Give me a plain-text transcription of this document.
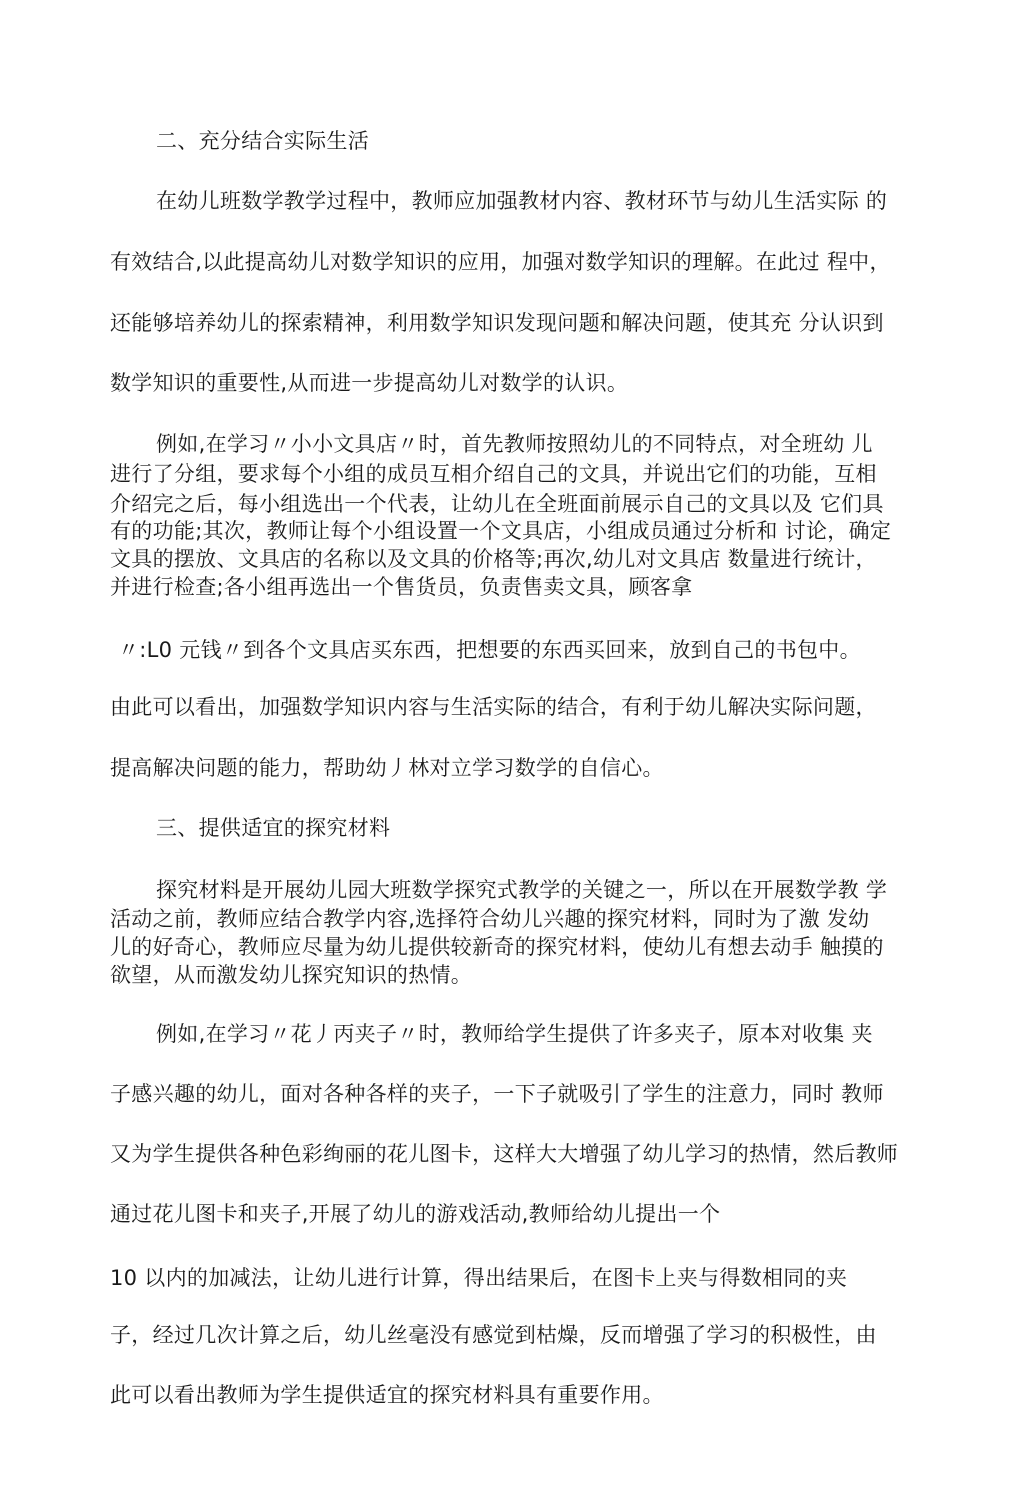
二、充分结合实际生活
在幼儿班数学教学过程中，教师应加强教材内容、教材环节与幼儿生活实际 的
有效结合,以此提高幼儿对数学知识的应用，加强对数学知识的理解。在此过 程中，
还能够培养幼儿的探索精神，利用数学知识发现问题和解决问题，使其充 分认识到
数学知识的重要性,从而进一步提高幼儿对数学的认识。
例如,在学习〃小小文具店〃时，首先教师按照幼儿的不同特点，对全班幼 儿
进行了分组，要求每个小组的成员互相介绍自己的文具，并说出它们的功能，互相
介绍完之后，每小组选出一个代表，让幼儿在全班面前展示自己的文具以及 它们具
有的功能;其次，教师让每个小组设置一个文具店，小组成员通过分析和 讨论，确定
文具的摆放、文具店的名称以及文具的价格等;再次,幼儿对文具店 数量进行统计，
并进行检查;各小组再选出一个售货员，负责售卖文具，顾客拿
〃:L0 元钱〃到各个文具店买东西，把想要的东西买回来，放到自己的书包中。
由此可以看出，加强数学知识内容与生活实际的结合，有利于幼儿解决实际问题，
提高解决问题的能力，帮助幼丿林对立学习数学的自信心。
三、提供适宜的探究材料
探究材料是开展幼儿园大班数学探究式教学的关键之一，所以在开展数学教 学
活动之前，教师应结合教学内容,选择符合幼儿兴趣的探究材料，同时为了激 发幼
儿的好奇心，教师应尽量为幼儿提供较新奇的探究材料，使幼儿有想去动手 触摸的
欲望，从而激发幼儿探究知识的热情。
例如,在学习〃花丿丙夹子〃时，教师给学生提供了许多夹子，原本对收集 夹
子感兴趣的幼儿，面对各种各样的夹子，一下子就吸引了学生的注意力，同时 教师
又为学生提供各种色彩绚丽的花儿图卡，这样大大增强了幼儿学习的热情，然后教师
通过花儿图卡和夹子,开展了幼儿的游戏活动,教师给幼儿提出一个
10 以内的加减法，让幼儿进行计算，得出结果后，在图卡上夹与得数相同的夹
子，经过几次计算之后，幼儿丝毫没有感觉到枯燥，反而增强了学习的积极性，由
此可以看出教师为学生提供适宜的探究材料具有重要作用。
